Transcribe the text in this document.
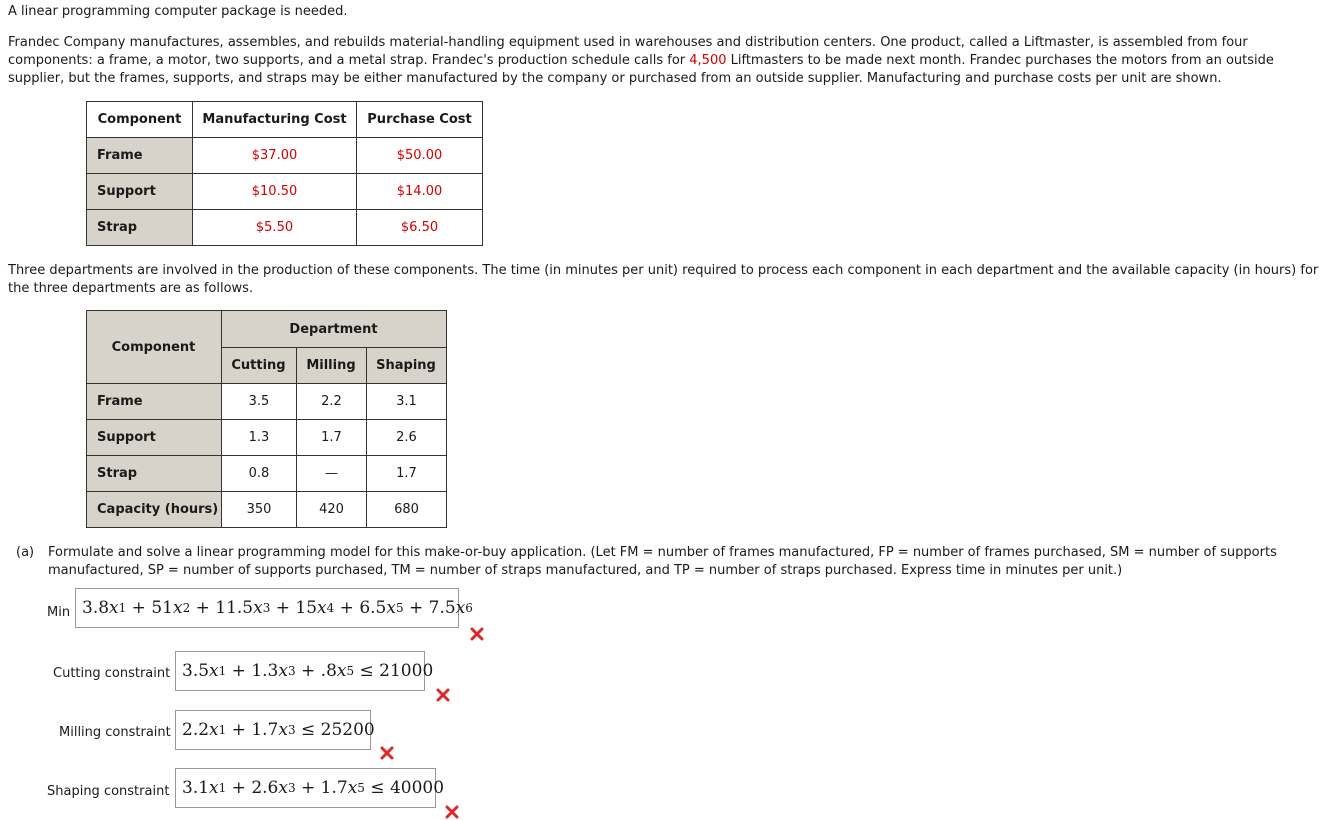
A linear programming computer package is needed.

Frandec Company manufactures, assembles, and rebuilds material-handling equipment used in warehouses and distribution centers. One product, called a Liftmaster, is assembled from four components: a frame, a motor, two supports, and a metal strap. Frandec's production schedule calls for 4,500 Liftmasters to be made next month. Frandec purchases the motors from an outside supplier, but the frames, supports, and straps may be either manufactured by the company or purchased from an outside supplier. Manufacturing and purchase costs per unit are shown.

Component	Manufacturing Cost	Purchase Cost
Frame	$37.00	$50.00
Support	$10.50	$14.00
Strap	$5.50	$6.50

Three departments are involved in the production of these components. The time (in minutes per unit) required to process each component in each department and the available capacity (in hours) for the three departments are as follows.

Component	Department		
	Cutting	Milling	Shaping
Frame	3.5	2.2	3.1
Support	1.3	1.7	2.6
Strap	0.8	—	1.7
Capacity (hours)	350	420	680
(a) Formulate and solve a linear programming model for this make-or-buy application. (Let FM = number of frames manufactured, FP = number of frames purchased, SM = number of supports
manufactured, SP = number of supports purchased, TM = number of straps manufactured, and TP = number of straps purchased. Express time in minutes per unit.)
Min 3.8 x 1 + 51 x 2 + 11.5 x 3 + 15 x 4 + 6.5 x 5 + 7.5 x 6
Cutting constraint 3.5 x 1 + 1.3 x 3 + .8 x 5 ≤ 21000
Milling constraint 2.2 x 1 + 1.7 x 3 ≤ 25200
Shaping constraint 3.1 x 1 + 2.6 x 3 + 1.7 x 5 ≤ 40000
